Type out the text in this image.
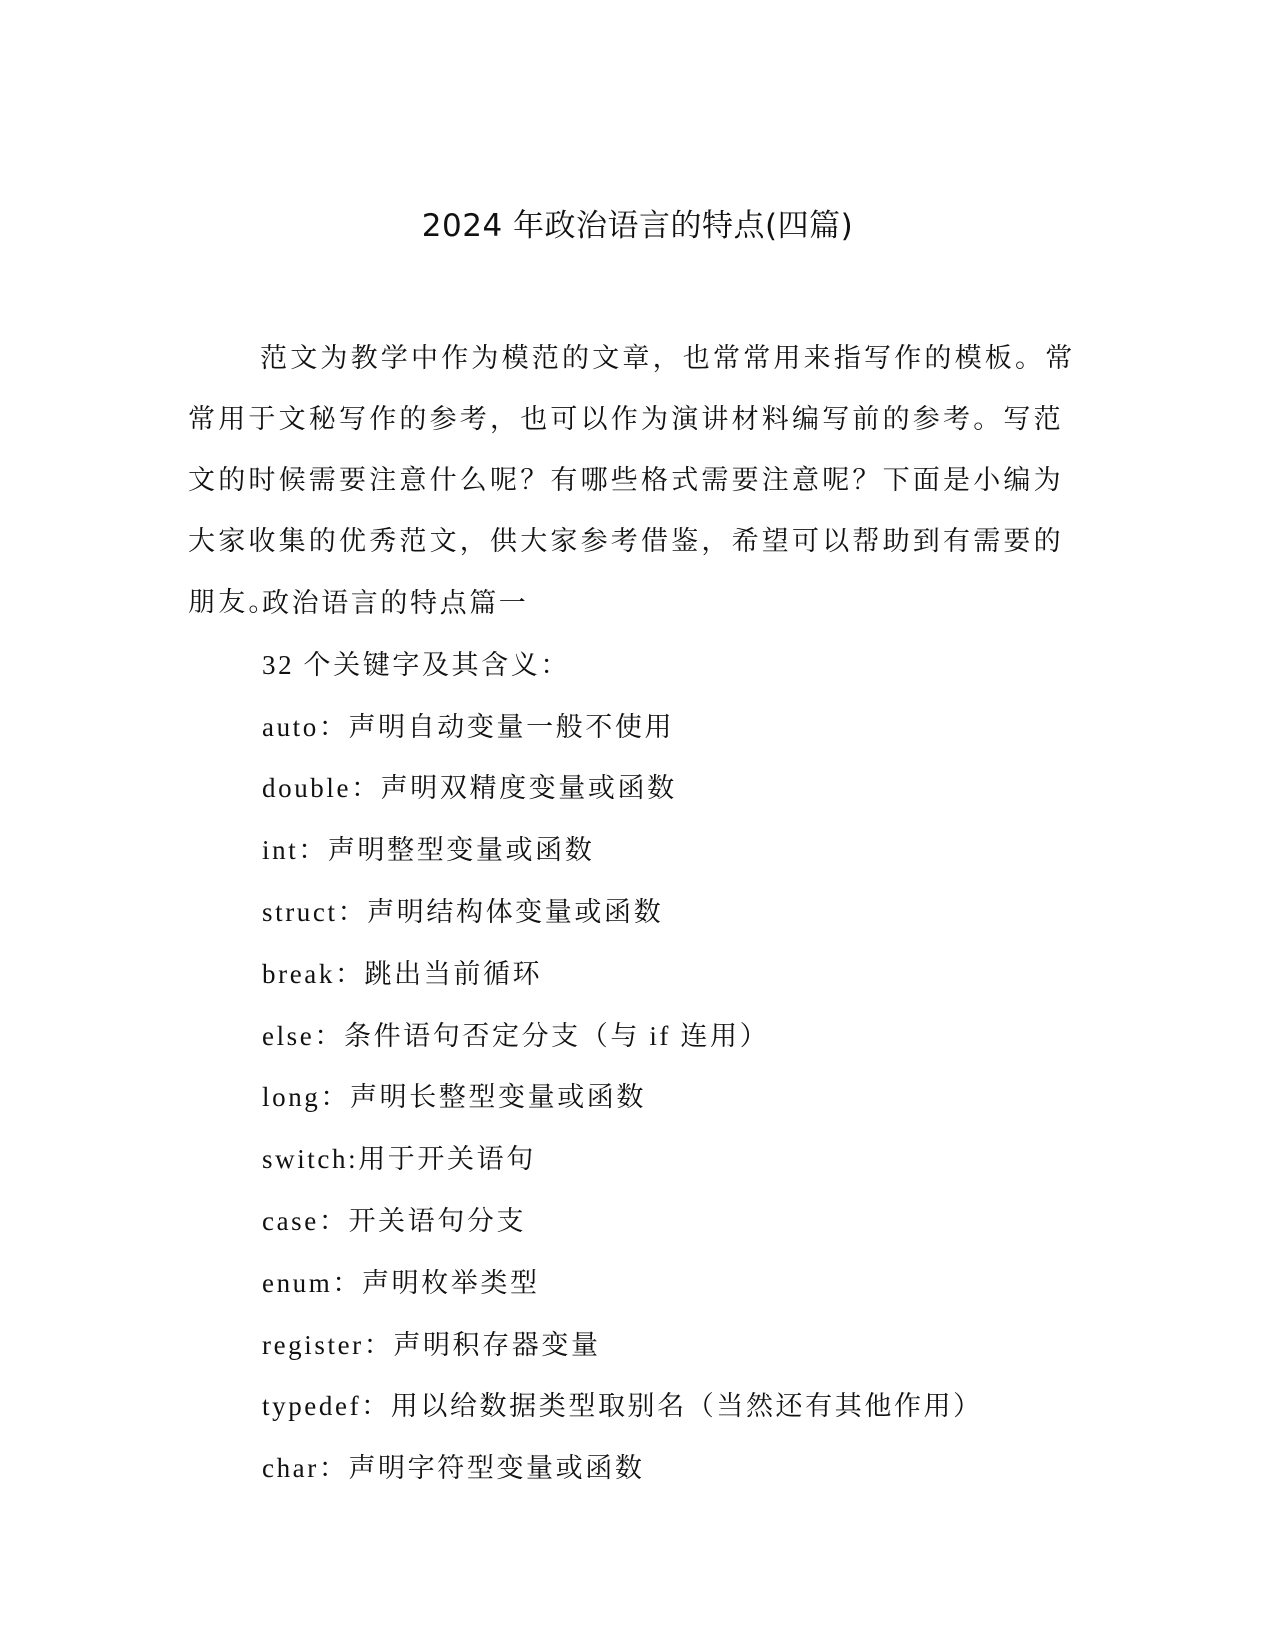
2024 年政治语言的特点(四篇)

范文为教学中作为模范的文章，也常常用来指写作的模板。常常用于文秘写作的参考，也可以作为演讲材料编写前的参考。写范文的时候需要注意什么呢？有哪些格式需要注意呢？下面是小编为大家收集的优秀范文，供大家参考借鉴，希望可以帮助到有需要的朋友。

政治语言的特点篇一
32 个关键字及其含义：
auto：声明自动变量一般不使用
double：声明双精度变量或函数
int：声明整型变量或函数
struct：声明结构体变量或函数
break：跳出当前循环
else：条件语句否定分支（与 if 连用）
long：声明长整型变量或函数
switch:用于开关语句
case：开关语句分支
enum：声明枚举类型
register：声明积存器变量
typedef：用以给数据类型取别名（当然还有其他作用）
char：声明字符型变量或函数
